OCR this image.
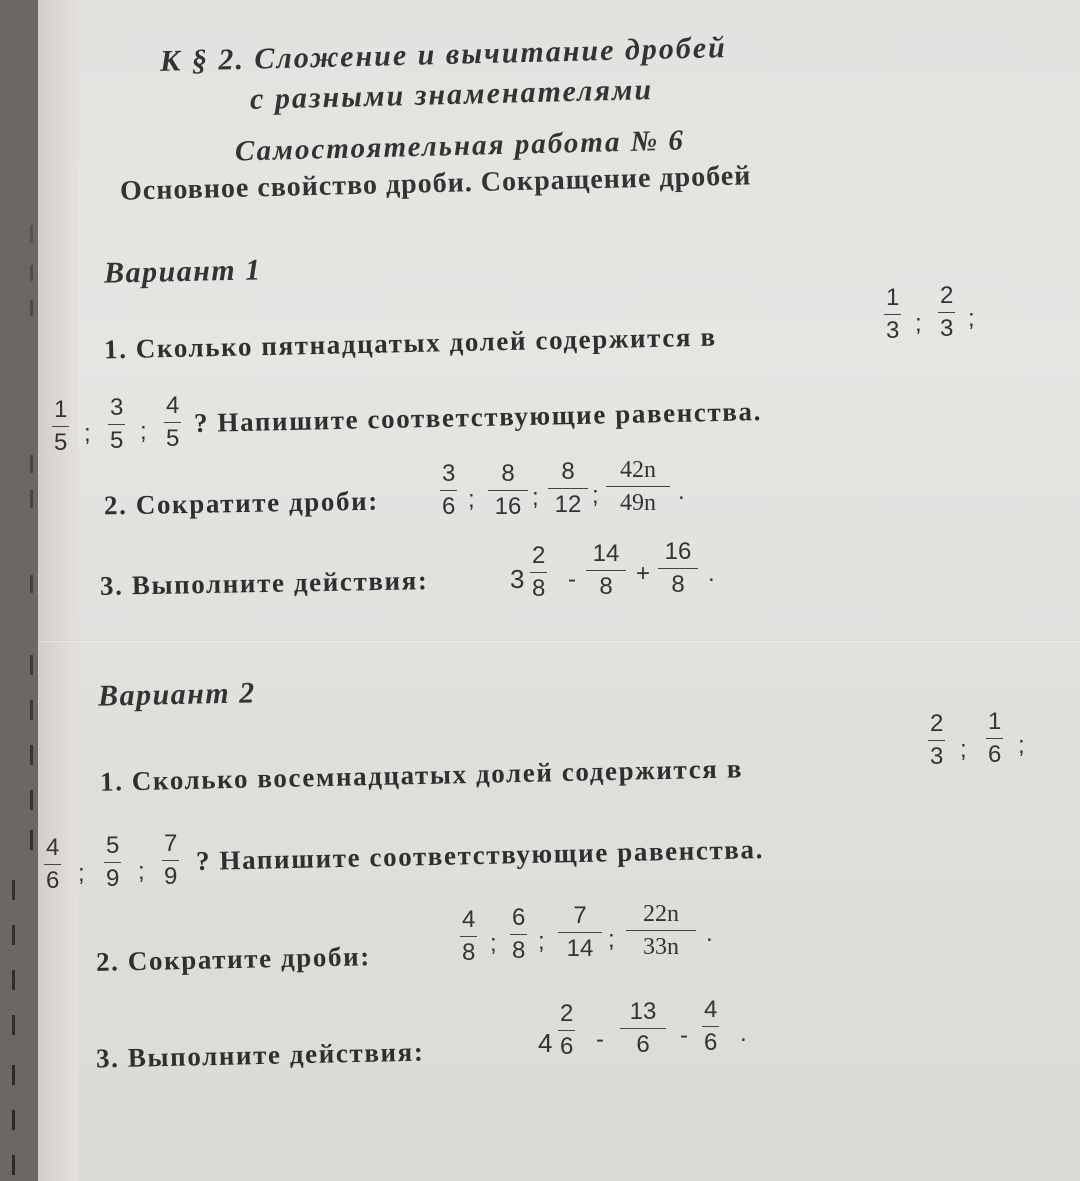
К § 2. Сложение и вычитание дробей
с разными знаменателями
Самостоятельная работа № 6
Основное свойство дроби. Сокращение дробей
Вариант 1
1. Сколько пятнадцатых долей содержится в
1
3 ;
2
3 ;
1
5 ;
3
5 ;
4
5
? Напишите соответствующие равенства.
2. Сократите дроби:
3
6 ;
8
16 ;
8
12 ;
42n
49n .
3. Выполните действия:	3
2
8 -
14
8 +
16
8 .
Вариант 2
1. Сколько восемнадцатых долей содержится в
2
3 ;
1
6 ;
4
6 ;
5
9 ;
7
9
? Напишите соответствующие равенства.
2. Сократите дроби:
4
8 ;
6
8 ;
7
14 ;
22n
33n	.
3. Выполните действия:	4
2
6 -
13
6	-
4
6 .
